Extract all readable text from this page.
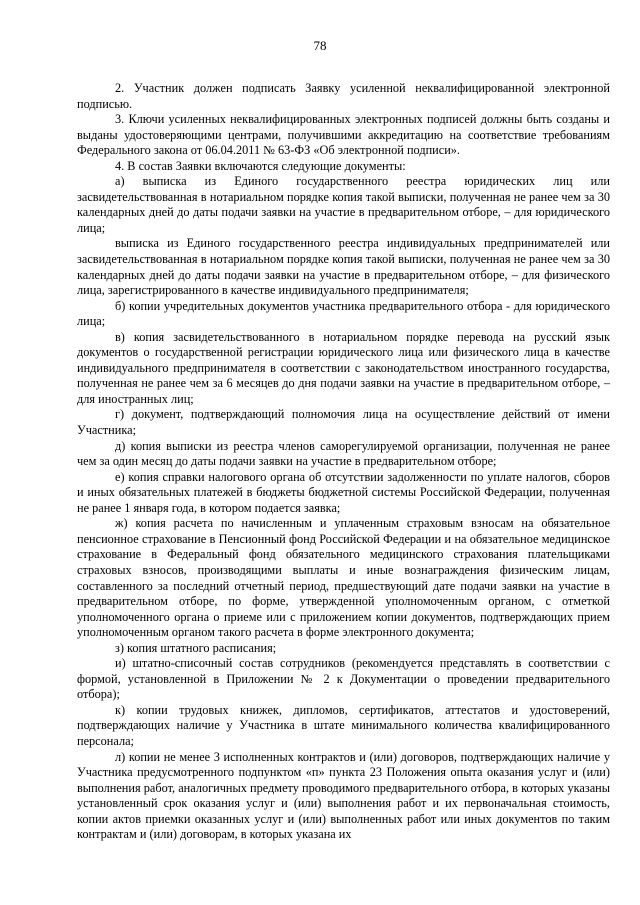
78

2. Участник должен подписать Заявку усиленной неквалифицированной электронной подписью.

3. Ключи усиленных неквалифицированных электронных подписей должны быть созданы и выданы удостоверяющими центрами, получившими аккредитацию на соответствие требованиям Федерального закона от 06.04.2011 № 63-ФЗ «Об электронной подписи».

4. В состав Заявки включаются следующие документы:

а) выписка из Единого государственного реестра юридических лиц или засвидетельствованная в нотариальном порядке копия такой выписки, полученная не ранее чем за 30 календарных дней до даты подачи заявки на участие в предварительном отборе, – для юридического лица;

выписка из Единого государственного реестра индивидуальных предпринимателей или засвидетельствованная в нотариальном порядке копия такой выписки, полученная не ранее чем за 30 календарных дней до даты подачи заявки на участие в предварительном отборе, – для физического лица, зарегистрированного в качестве индивидуального предпринимателя;

б) копии учредительных документов участника предварительного отбора - для юридического лица;

в) копия засвидетельствованного в нотариальном порядке перевода на русский язык документов о государственной регистрации юридического лица или физического лица в качестве индивидуального предпринимателя в соответствии с законодательством иностранного государства, полученная не ранее чем за 6 месяцев до дня подачи заявки на участие в предварительном отборе, – для иностранных лиц;

г) документ, подтверждающий полномочия лица на осуществление действий от имени Участника;

д) копия выписки из реестра членов саморегулируемой организации, полученная не ранее чем за один месяц до даты подачи заявки на участие в предварительном отборе;

е) копия справки налогового органа об отсутствии задолженности по уплате налогов, сборов и иных обязательных платежей в бюджеты бюджетной системы Российской Федерации, полученная не ранее 1 января года, в котором подается заявка;

ж) копия расчета по начисленным и уплаченным страховым взносам на обязательное пенсионное страхование в Пенсионный фонд Российской Федерации и на обязательное медицинское страхование в Федеральный фонд обязательного медицинского страхования плательщиками страховых взносов, производящими выплаты и иные вознаграждения физическим лицам, составленного за последний отчетный период, предшествующий дате подачи заявки на участие в предварительном отборе, по форме, утвержденной уполномоченным органом, с отметкой уполномоченного органа о приеме или с приложением копии документов, подтверждающих прием уполномоченным органом такого расчета в форме электронного документа;

з) копия штатного расписания;

и) штатно-списочный состав сотрудников (рекомендуется представлять в соответствии с формой, установленной в Приложении № 2 к Документации о проведении предварительного отбора);

к) копии трудовых книжек, дипломов, сертификатов, аттестатов и удостоверений, подтверждающих наличие у Участника в штате минимального количества квалифицированного персонала;

л) копии не менее 3 исполненных контрактов и (или) договоров, подтверждающих наличие у Участника предусмотренного подпунктом «п» пункта 23 Положения опыта оказания услуг и (или) выполнения работ, аналогичных предмету проводимого предварительного отбора, в которых указаны установленный срок оказания услуг и (или) выполнения работ и их первоначальная стоимость, копии актов приемки оказанных услуг и (или) выполненных работ или иных документов по таким контрактам и (или) договорам, в которых указана их
